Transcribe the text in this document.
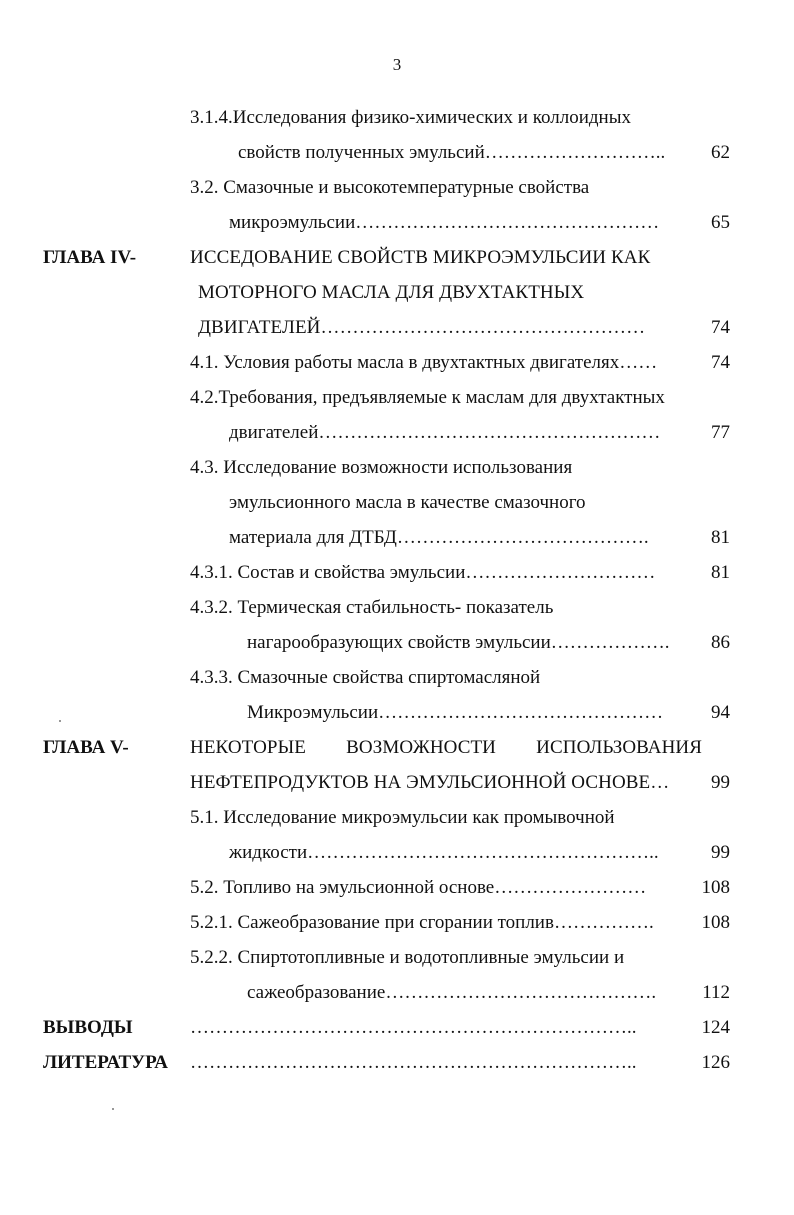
3
3.1.4.Исследования физико-химических и коллоидных
свойств полученных эмульсий………………………..	62
3.2. Смазочные и высокотемпературные свойства
микроэмульсии…………………………………………	65
ГЛАВА IV-	ИССЕДОВАНИЕ СВОЙСТВ МИКРОЭМУЛЬСИИ КАК
МОТОРНОГО МАСЛА ДЛЯ ДВУХТАКТНЫХ
ДВИГАТЕЛЕЙ……………………………………………	74
4.1. Условия работы масла в двухтактных двигателях……	74
4.2.Требования, предъявляемые к маслам для двухтактных
двигателей………………………………………………	77
4.3. Исследование возможности использования
эмульсионного масла в качестве смазочного
материала для ДТБД………………………………….	81
4.3.1. Состав и свойства эмульсии…………………………	81
4.3.2. Термическая стабильность- показатель
нагарообразующих свойств эмульсии……………….	86
4.3.3. Смазочные свойства спиртомасляной
Микроэмульсии………………………………………	94
ГЛАВА V-	НЕКОТОРЫЕ ВОЗМОЖНОСТИ ИСПОЛЬЗОВАНИЯ
НЕФТЕПРОДУКТОВ НА ЭМУЛЬСИОННОЙ ОСНОВЕ…	99
5.1. Исследование микроэмульсии как промывочной
жидкости………………………………………………..	99
5.2. Топливо на эмульсионной основе……………………	108
5.2.1. Сажеобразование при сгорании топлив…………….	108
5.2.2. Спиртотопливные и водотопливные эмульсии и
сажеобразование…………………………………….	112
ВЫВОДЫ	……………………………………………………………..	124
ЛИТЕРАТУРА ……………………………………………………………..	126
